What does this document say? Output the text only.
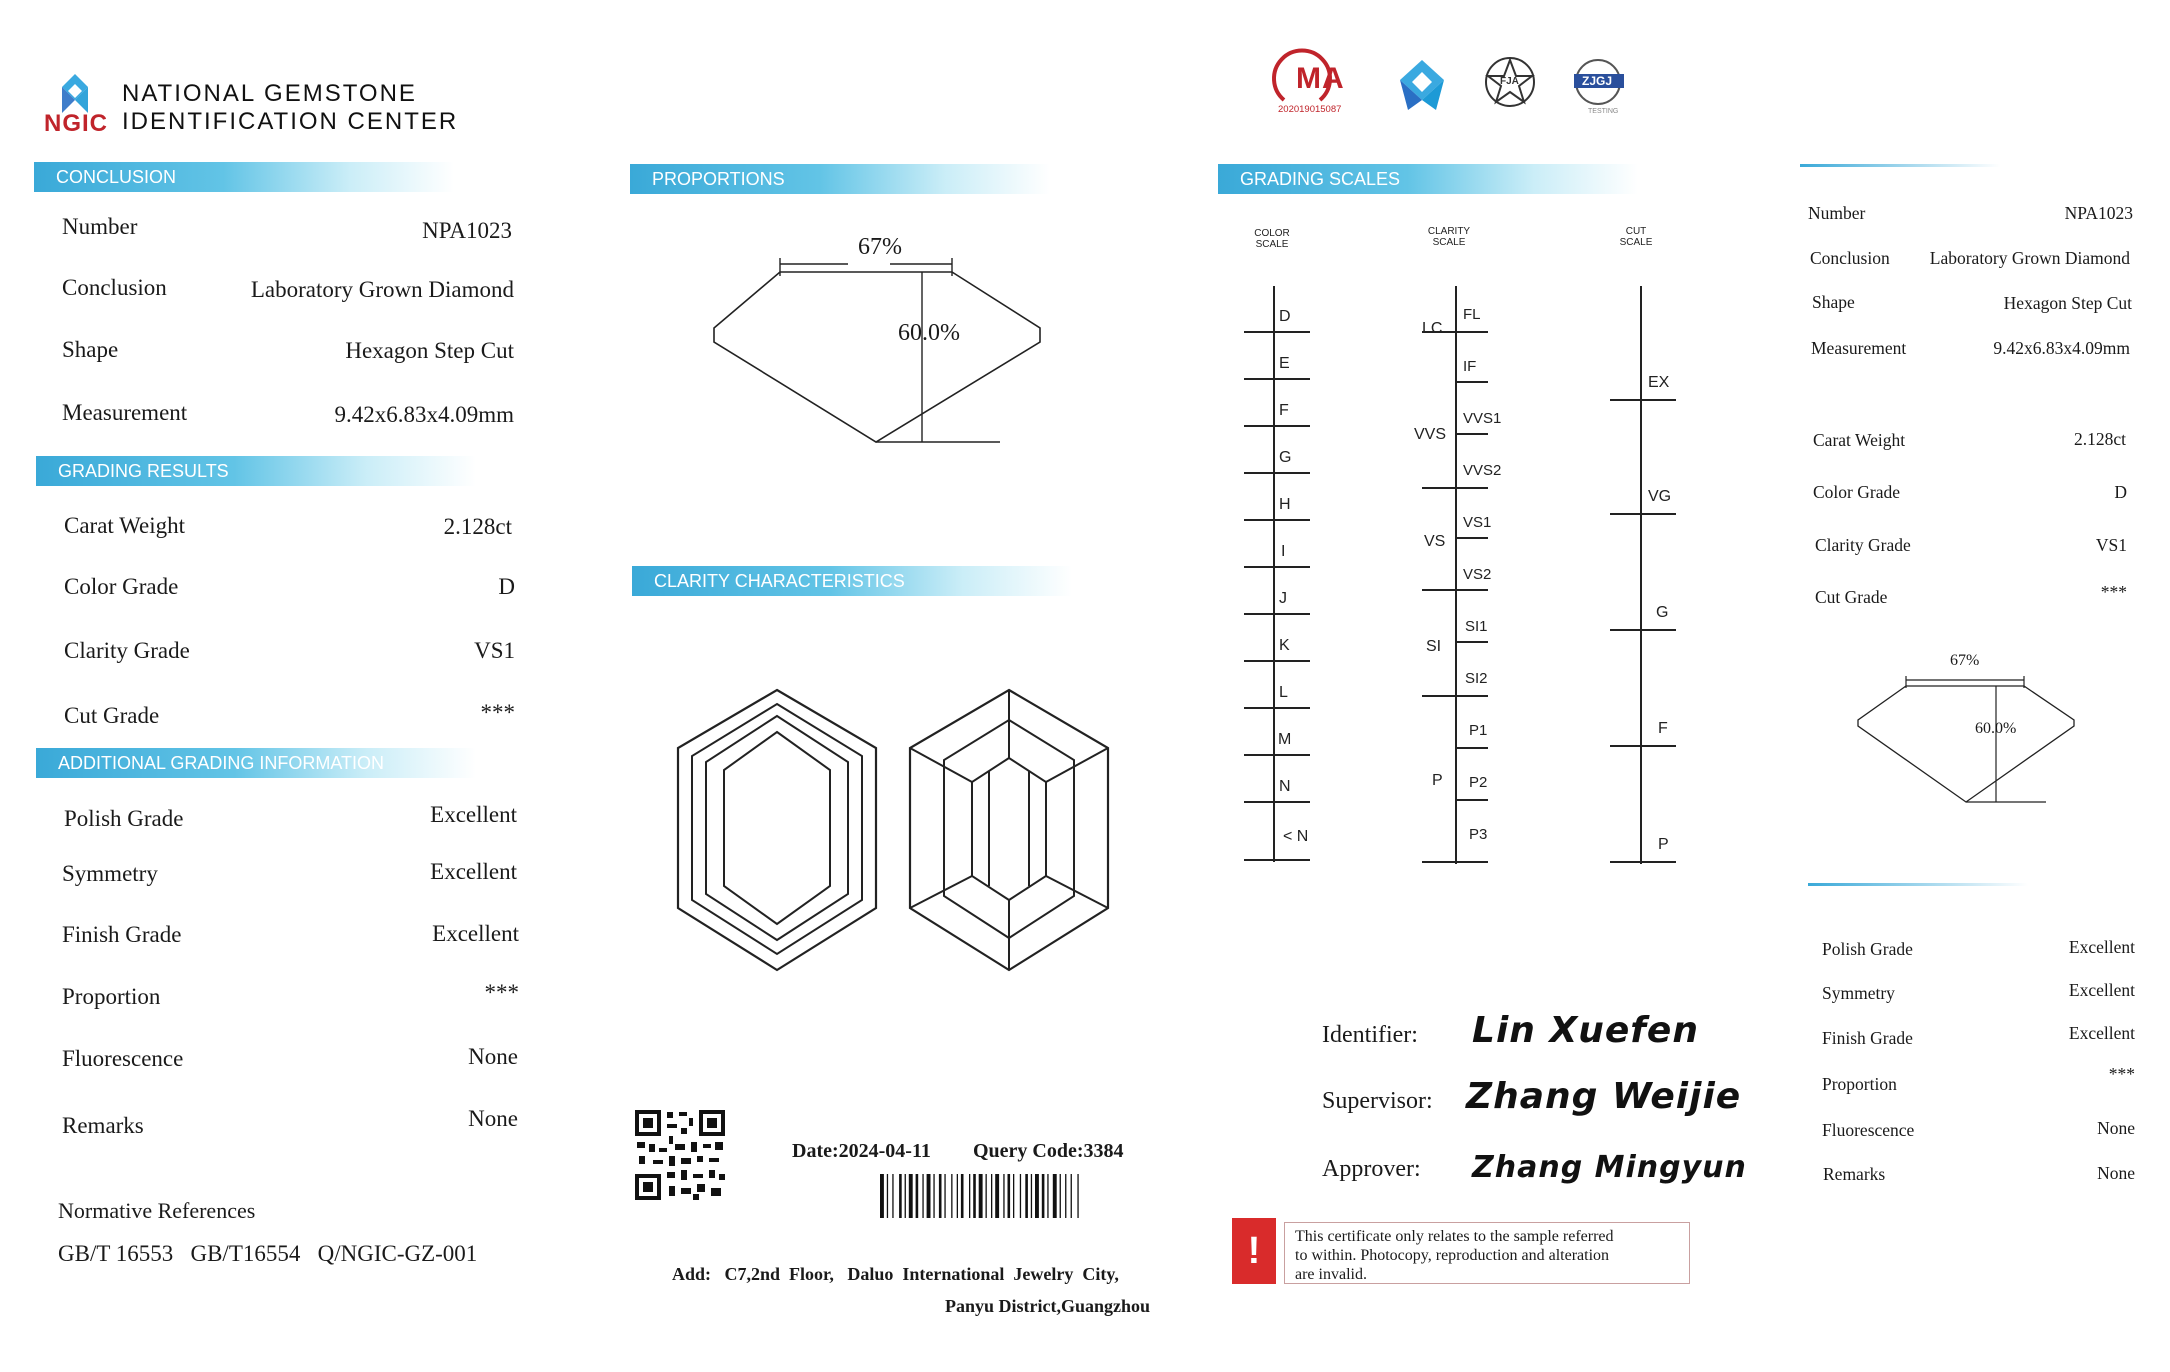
NGIC
NATIONAL GEMSTONE
IDENTIFICATION CENTER
CONCLUSION
Number	NPA1023
Conclusion	Laboratory Grown Diamond
Shape	Hexagon Step Cut
Measurement	9.42x6.83x4.09mm
GRADING RESULTS
Carat Weight	2.128ct
Color Grade	D
Clarity Grade	VS1
Cut Grade	***
ADDITIONAL GRADING INFORMATION
Polish Grade	Excellent
Symmetry	Excellent
Finish Grade	Excellent
Proportion	***
Fluorescence	None
Remarks	None
Normative References
GB/T 16553   GB/T16554   Q/NGIC-GZ-001
PROPORTIONS
67%
60.0%
CLARITY CHARACTERISTICS
Date:2024-04-11 Query Code:3384
Add:   C7,2nd  Floor,   Daluo  International  Jewelry  City,
Panyu District,Guangzhou
MA
202019015087
FJA	ZJGJ
TESTING
GRADING SCALES
COLOR
SCALE
CLARITY
SCALE
CUT
SCALE
D
E
F
G
H
I
J
K
L
M
N
< N
LC
VVS
VS
SI
P
FL
IF
VVS1
VVS2
VS1
VS2
SI1
SI2
P1
P2
P3
EX
VG
G
F
P
Identifier: Lin Xuefen
Supervisor: Zhang Weijie
Approver: Zhang Mingyun
!	This certificate only relates to the sample referred
to within. Photocopy, reproduction and alteration
are invalid.
Number	NPA1023
Conclusion Laboratory Grown Diamond
Shape	Hexagon Step Cut
Measurement	9.42x6.83x4.09mm
Carat Weight	2.128ct
Color Grade	D
Clarity Grade	VS1
Cut Grade	***
67%
60.0%
Polish Grade	Excellent
Symmetry	Excellent
Finish Grade	Excellent
Proportion	***
Fluorescence	None
Remarks	None
